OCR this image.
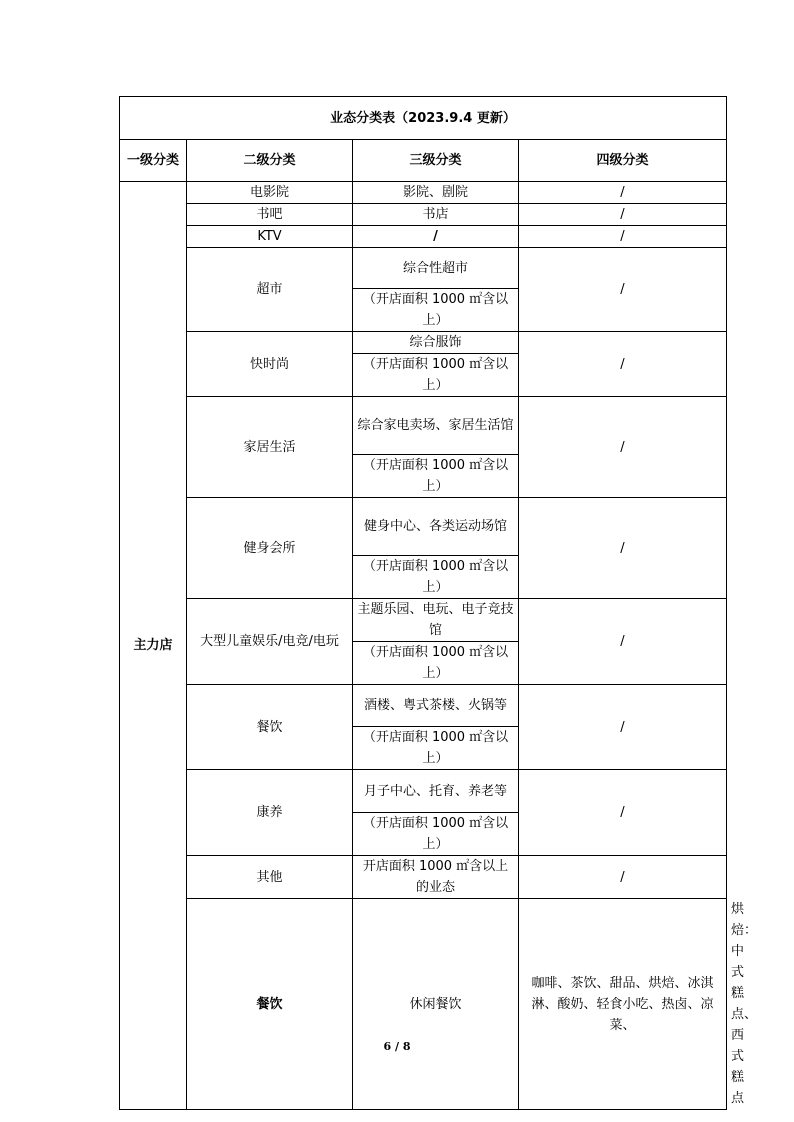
业态分类表（2023.9.4 更新）				
一级分类	二级分类	三级分类	四级分类	
主力店	电影院	影院、剧院	/	
	书吧	书店	/	
	KTV	/	/	
	超市	综合性超市	/	
		（开店面积 1000 ㎡含以上）		
	快时尚	综合服饰	/	
		（开店面积 1000 ㎡含以上）		
	家居生活	综合家电卖场、家居生活馆	/	
		（开店面积 1000 ㎡含以上）		
	健身会所	健身中心、各类运动场馆	/	
		（开店面积 1000 ㎡含以上）		
	大型儿童娱乐/电竞/电玩	主题乐园、电玩、电子竞技馆	/	
		（开店面积 1000 ㎡含以上）		
	餐饮	酒楼、粤式茶楼、火锅等	/	
		（开店面积 1000 ㎡含以上）		
	康养	月子中心、托育、养老等	/	
		（开店面积 1000 ㎡含以上）		
	其他	开店面积 1000 ㎡含以上的业态	/	
	餐饮	休闲餐饮	咖啡、茶饮、甜品、烘焙、冰淇淋、酸奶、轻食小吃、热卤、凉菜、	烘焙：中式糕点、西式糕点
6 / 8
